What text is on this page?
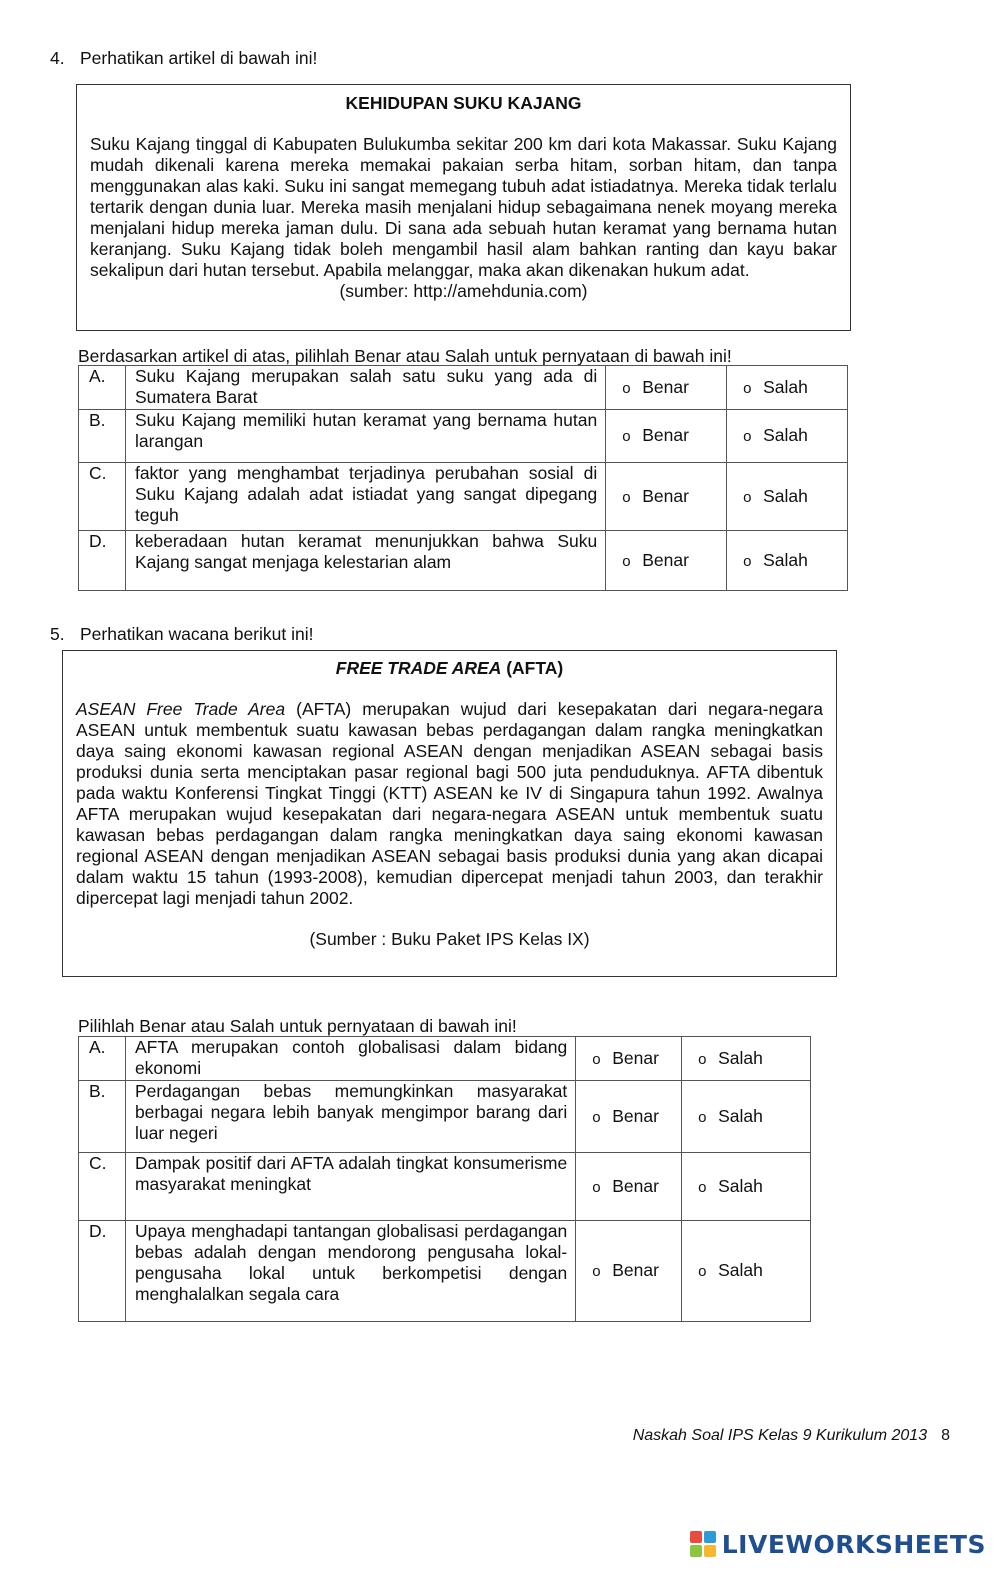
4. Perhatikan artikel di bawah ini!
KEHIDUPAN SUKU KAJANG

Suku Kajang tinggal di Kabupaten Bulukumba sekitar 200 km dari kota Makassar. Suku Kajang mudah dikenali karena mereka memakai pakaian serba hitam, sorban hitam, dan tanpa menggunakan alas kaki. Suku ini sangat memegang tubuh adat istiadatnya. Mereka tidak terlalu tertarik dengan dunia luar. Mereka masih menjalani hidup sebagaimana nenek moyang mereka menjalani hidup mereka jaman dulu. Di sana ada sebuah hutan keramat yang bernama hutan keranjang. Suku Kajang tidak boleh mengambil hasil alam bahkan ranting dan kayu bakar sekalipun dari hutan tersebut. Apabila melanggar, maka akan dikenakan hukum adat.

(sumber: http://amehdunia.com)
Berdasarkan artikel di atas, pilihlah Benar atau Salah untuk pernyataan di bawah ini!
A.	Suku Kajang merupakan salah satu suku yang ada di Sumatera Barat	o Benar	o Salah
B.	Suku Kajang memiliki hutan keramat yang bernama hutan larangan	o Benar	o Salah
C.	faktor yang menghambat terjadinya perubahan sosial di Suku Kajang adalah adat istiadat yang sangat dipegang teguh	o Benar	o Salah
D.	keberadaan hutan keramat menunjukkan bahwa Suku Kajang sangat menjaga kelestarian alam	o Benar	o Salah
5. Perhatikan wacana berikut ini!
FREE TRADE AREA (AFTA)

ASEAN Free Trade Area (AFTA) merupakan wujud dari kesepakatan dari negara-negara ASEAN untuk membentuk suatu kawasan bebas perdagangan dalam rangka meningkatkan daya saing ekonomi kawasan regional ASEAN dengan menjadikan ASEAN sebagai basis produksi dunia serta menciptakan pasar regional bagi 500 juta penduduknya. AFTA dibentuk pada waktu Konferensi Tingkat Tinggi (KTT) ASEAN ke IV di Singapura tahun 1992. Awalnya AFTA merupakan wujud kesepakatan dari negara-negara ASEAN untuk membentuk suatu kawasan bebas perdagangan dalam rangka meningkatkan daya saing ekonomi kawasan regional ASEAN dengan menjadikan ASEAN sebagai basis produksi dunia yang akan dicapai dalam waktu 15 tahun (1993-2008), kemudian dipercepat menjadi tahun 2003, dan terakhir dipercepat lagi menjadi tahun 2002.

(Sumber : Buku Paket IPS Kelas IX)
Pilihlah Benar atau Salah untuk pernyataan di bawah ini!
A.	AFTA merupakan contoh globalisasi dalam bidang ekonomi	o Benar	o Salah
B.	Perdagangan bebas memungkinkan masyarakat berbagai negara lebih banyak mengimpor barang dari luar negeri	o Benar	o Salah
C.	Dampak positif dari AFTA adalah tingkat konsumerisme masyarakat meningkat	o Benar	o Salah
D.	Upaya menghadapi tantangan globalisasi perdagangan bebas adalah dengan mendorong pengusaha lokal-pengusaha lokal untuk berkompetisi dengan menghalalkan segala cara	o Benar	o Salah
Naskah Soal IPS Kelas 9 Kurikulum 2013 8
LIVEWORKSHEETS
